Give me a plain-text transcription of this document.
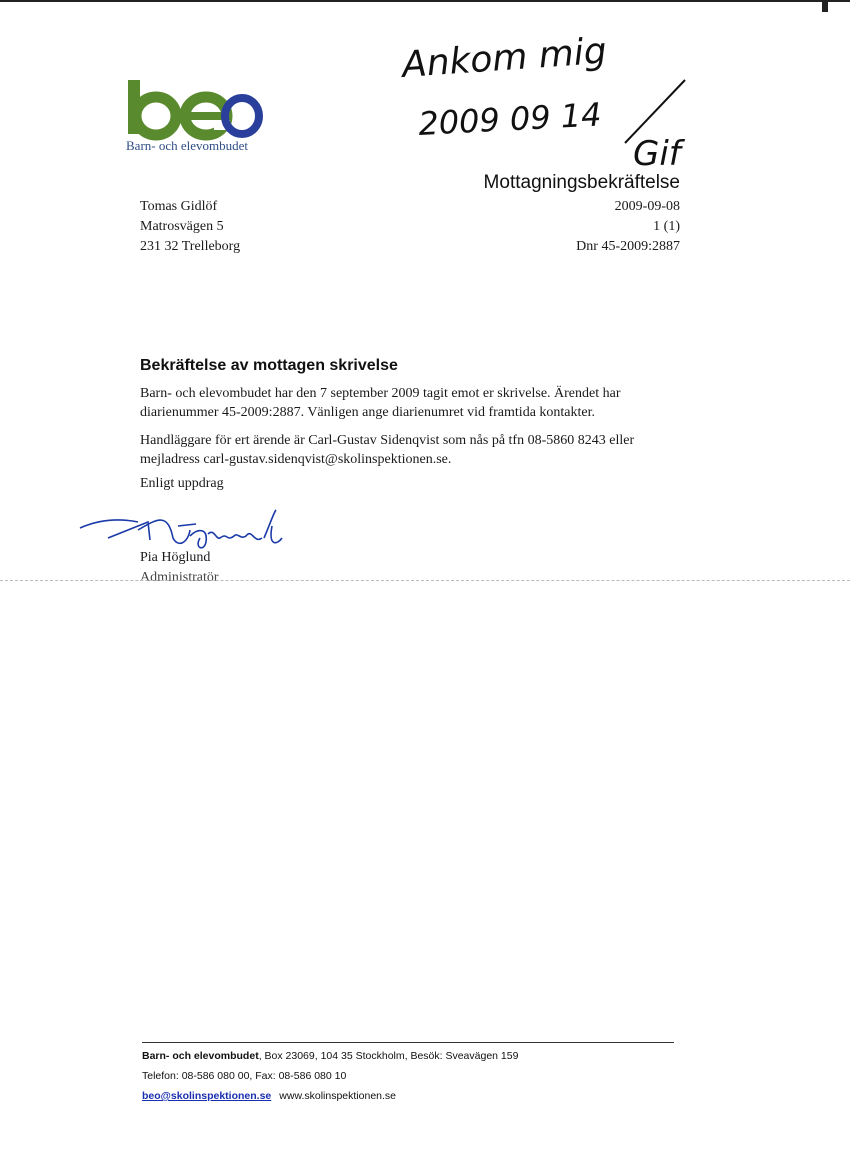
Barn- och elevombudet
Ankom mig
2009 09 14
Gif
Mottagningsbekräftelse
2009-09-08
1 (1)
Dnr 45-2009:2887
Tomas Gidlöf
Matrosvägen 5
231 32 Trelleborg
Bekräftelse av mottagen skrivelse
Barn- och elevombudet har den 7 september 2009 tagit emot er skrivelse. Ärendet har diarienummer 45-2009:2887. Vänligen ange diarienumret vid framtida kontakter.
Handläggare för ert ärende är Carl-Gustav Sidenqvist som nås på tfn 08-5860 8243 eller mejladress carl-gustav.sidenqvist@skolinspektionen.se.
Enligt uppdrag
Pia Höglund
Administratör
Barn- och elevombudet, Box 23069, 104 35 Stockholm, Besök: Sveavägen 159
Telefon: 08-586 080 00, Fax: 08-586 080 10
beo@skolinspektionen.se www.skolinspektionen.se
